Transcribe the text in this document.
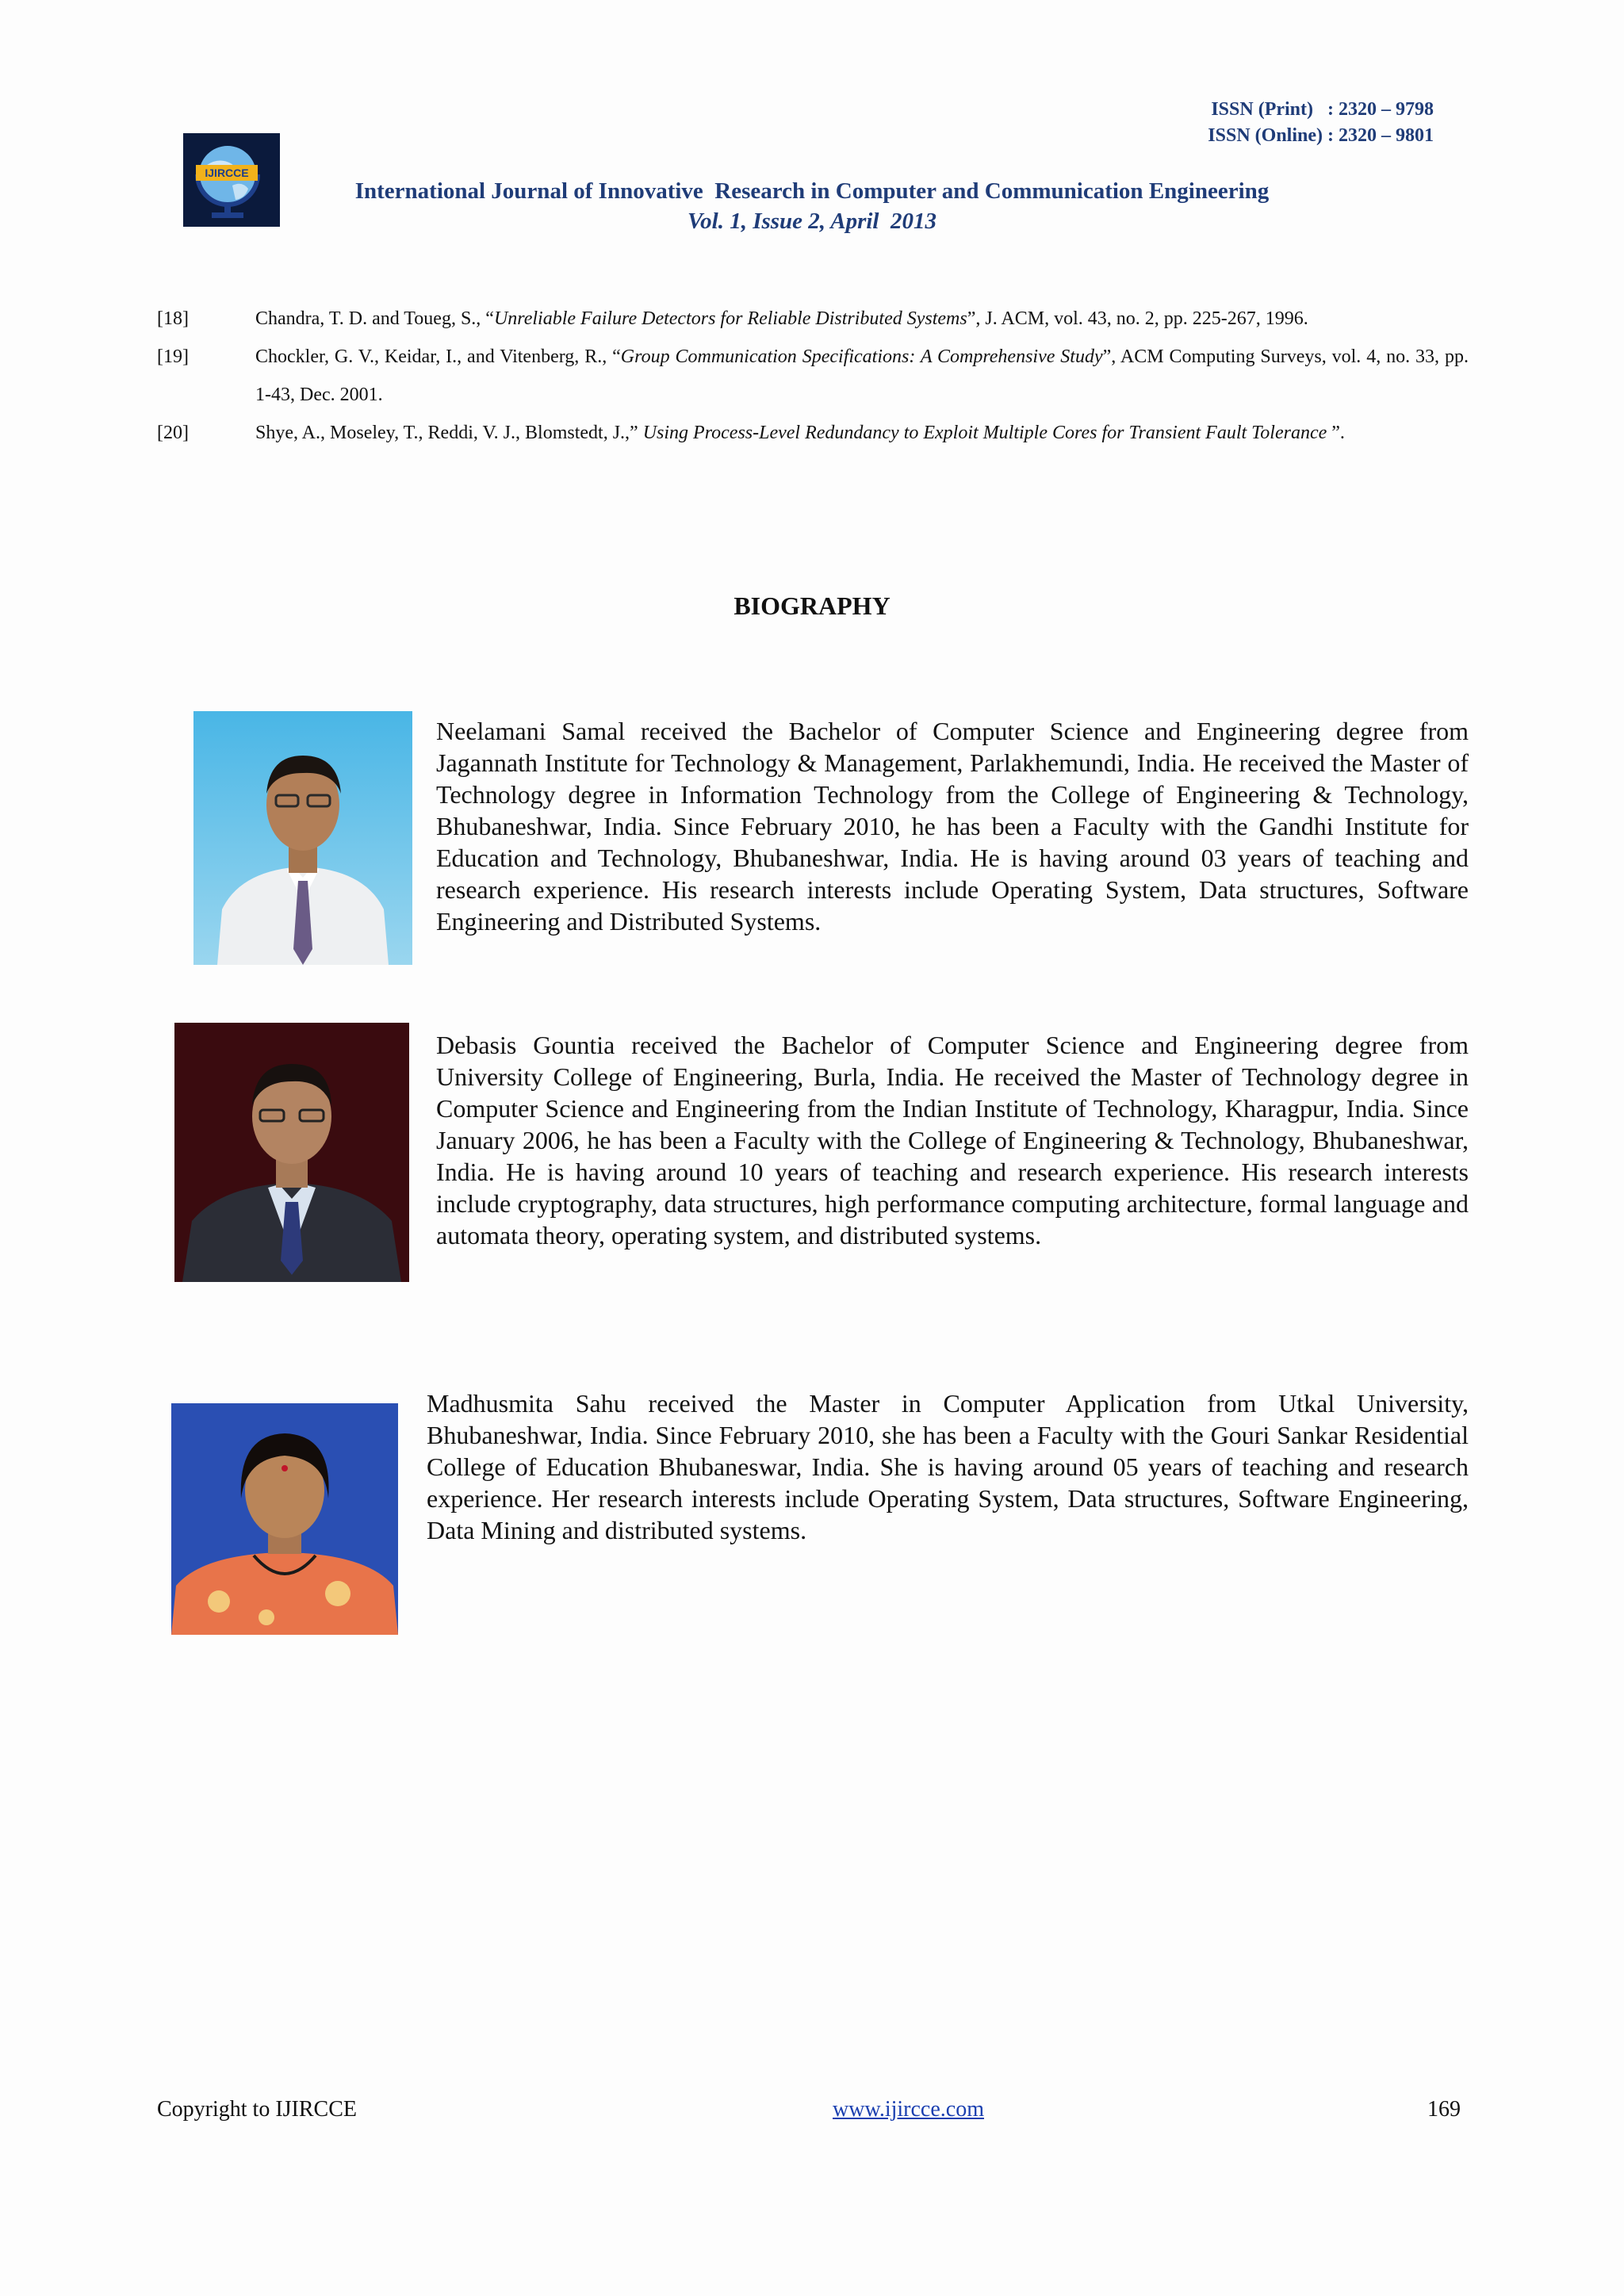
ISSN (Print)   : 2320 – 9798
ISSN (Online) : 2320 – 9801
IJIRCCE
International Journal of Innovative  Research in Computer and Communication Engineering
Vol. 1, Issue 2, April  2013
[18]	Chandra, T. D. and Toueg, S., “Unreliable Failure Detectors for Reliable Distributed Systems”, J. ACM, vol. 43, no. 2, pp. 225-267, 1996.
[19]	Chockler, G. V., Keidar, I., and Vitenberg, R., “Group Communication Specifications: A Comprehensive Study”, ACM Computing Surveys, vol. 4, no. 33, pp. 1-43, Dec. 2001.
[20]	Shye, A., Moseley, T., Reddi, V. J., Blomstedt, J.,” Using Process-Level Redundancy to Exploit Multiple Cores for Transient Fault Tolerance ”.
BIOGRAPHY
Neelamani Samal received the Bachelor of Computer Science and Engineering degree from Jagannath Institute for Technology & Management, Parlakhemundi, India. He received the Master of Technology degree in Information Technology from the College of Engineering & Technology, Bhubaneshwar, India. Since February 2010, he has been a Faculty with the Gandhi Institute for Education and Technology, Bhubaneshwar, India. He is having around 03 years of teaching and research experience. His research interests include Operating System, Data structures, Software Engineering and Distributed Systems.
Debasis Gountia received the Bachelor of Computer Science and Engineering degree from University College of Engineering, Burla, India. He received the Master of Technology degree in Computer Science and Engineering from the Indian Institute of Technology, Kharagpur, India. Since January 2006, he has been a Faculty with the College of Engineering & Technology, Bhubaneshwar, India. He is having around 10 years of teaching and research experience. His research interests include cryptography, data structures, high performance computing architecture, formal language and automata theory, operating system, and distributed systems.
Madhusmita Sahu received the Master in Computer Application from Utkal University, Bhubaneshwar, India. Since February 2010, she has been a Faculty with the Gouri Sankar Residential College of Education Bhubaneswar, India. She is having around 05 years of teaching and research experience. Her research interests include Operating System, Data structures, Software Engineering, Data Mining and distributed systems.
Copyright to IJIRCCE	www.ijircce.com	169
